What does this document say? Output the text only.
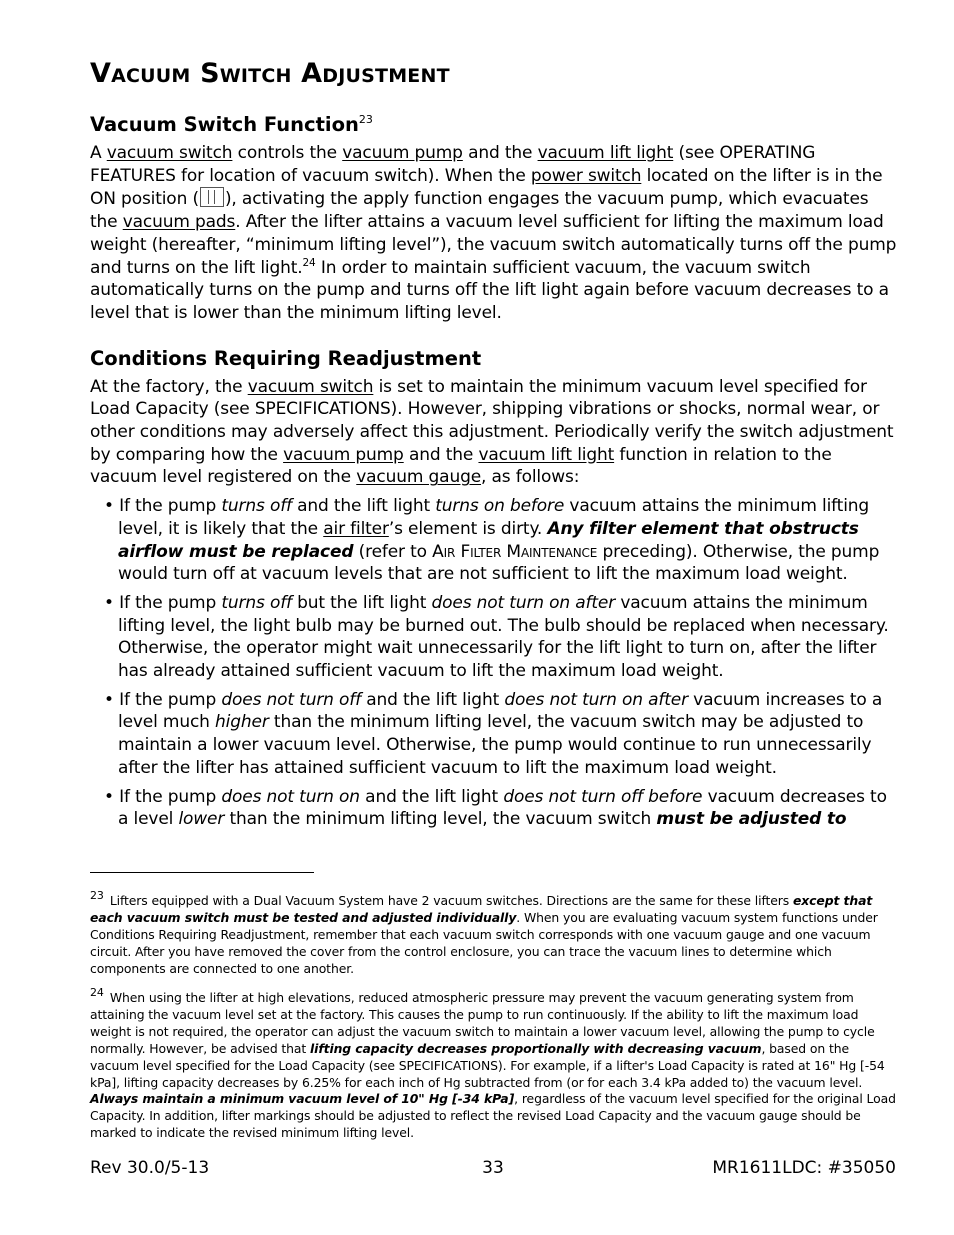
Vacuum Switch Adjustment
Vacuum Switch Function$^{23}$

A vacuum switch controls the vacuum pump and the vacuum lift light (see OPERATING FEATURES for location of vacuum switch). When the power switch located on the lifter is in the ON position ( ), activating the apply function engages the vacuum pump, which evacuates the vacuum pads. After the lifter attains a vacuum level sufficient for lifting the maximum load weight (hereafter, “minimum lifting level”), the vacuum switch automatically turns off the pump and turns on the lift light.$^{24}$ In order to maintain sufficient vacuum, the vacuum switch automatically turns on the pump and turns off the lift light again before vacuum decreases to a level that is lower than the minimum lifting level.

Conditions Requiring Readjustment

At the factory, the vacuum switch is set to maintain the minimum vacuum level specified for Load Capacity (see SPECIFICATIONS). However, shipping vibrations or shocks, normal wear, or other conditions may adversely affect this adjustment. Periodically verify the switch adjustment by comparing how the vacuum pump and the vacuum lift light function in relation to the vacuum level registered on the vacuum gauge, as follows:

• If the pump turns off and the lift light turns on before vacuum attains the minimum lifting level, it is likely that the air filter’s element is dirty. Any filter element that obstructs airflow must be replaced (refer to Air Filter Maintenance preceding). Otherwise, the pump would turn off at vacuum levels that are not sufficient to lift the maximum load weight.
• If the pump turns off but the lift light does not turn on after vacuum attains the minimum lifting level, the light bulb may be burned out. The bulb should be replaced when necessary. Otherwise, the operator might wait unnecessarily for the lift light to turn on, after the lifter has already attained sufficient vacuum to lift the maximum load weight.
• If the pump does not turn off and the lift light does not turn on after vacuum increases to a level much higher than the minimum lifting level, the vacuum switch may be adjusted to maintain a lower vacuum level. Otherwise, the pump would continue to run unnecessarily after the lifter has attained sufficient vacuum to lift the maximum load weight.
• If the pump does not turn on and the lift light does not turn off before vacuum decreases to a level lower than the minimum lifting level, the vacuum switch must be adjusted to
23 Lifters equipped with a Dual Vacuum System have 2 vacuum switches. Directions are the same for these lifters except that each vacuum switch must be tested and adjusted individually. When you are evaluating vacuum system functions under Conditions Requiring Readjustment, remember that each vacuum switch corresponds with one vacuum gauge and one vacuum circuit. After you have removed the cover from the control enclosure, you can trace the vacuum lines to determine which components are connected to one another.
24 When using the lifter at high elevations, reduced atmospheric pressure may prevent the vacuum generating system from attaining the vacuum level set at the factory. This causes the pump to run continuously. If the ability to lift the maximum load weight is not required, the operator can adjust the vacuum switch to maintain a lower vacuum level, allowing the pump to cycle normally. However, be advised that lifting capacity decreases proportionally with decreasing vacuum, based on the vacuum level specified for the Load Capacity (see SPECIFICATIONS). For example, if a lifter's Load Capacity is rated at 16" Hg [-54 kPa], lifting capacity decreases by 6.25% for each inch of Hg subtracted from (or for each 3.4 kPa added to) the vacuum level. Always maintain a minimum vacuum level of 10" Hg [-34 kPa], regardless of the vacuum level specified for the original Load Capacity. In addition, lifter markings should be adjusted to reflect the revised Load Capacity and the vacuum gauge should be marked to indicate the revised minimum lifting level.
Rev 30.0/5-13	33	MR1611LDC: #35050
